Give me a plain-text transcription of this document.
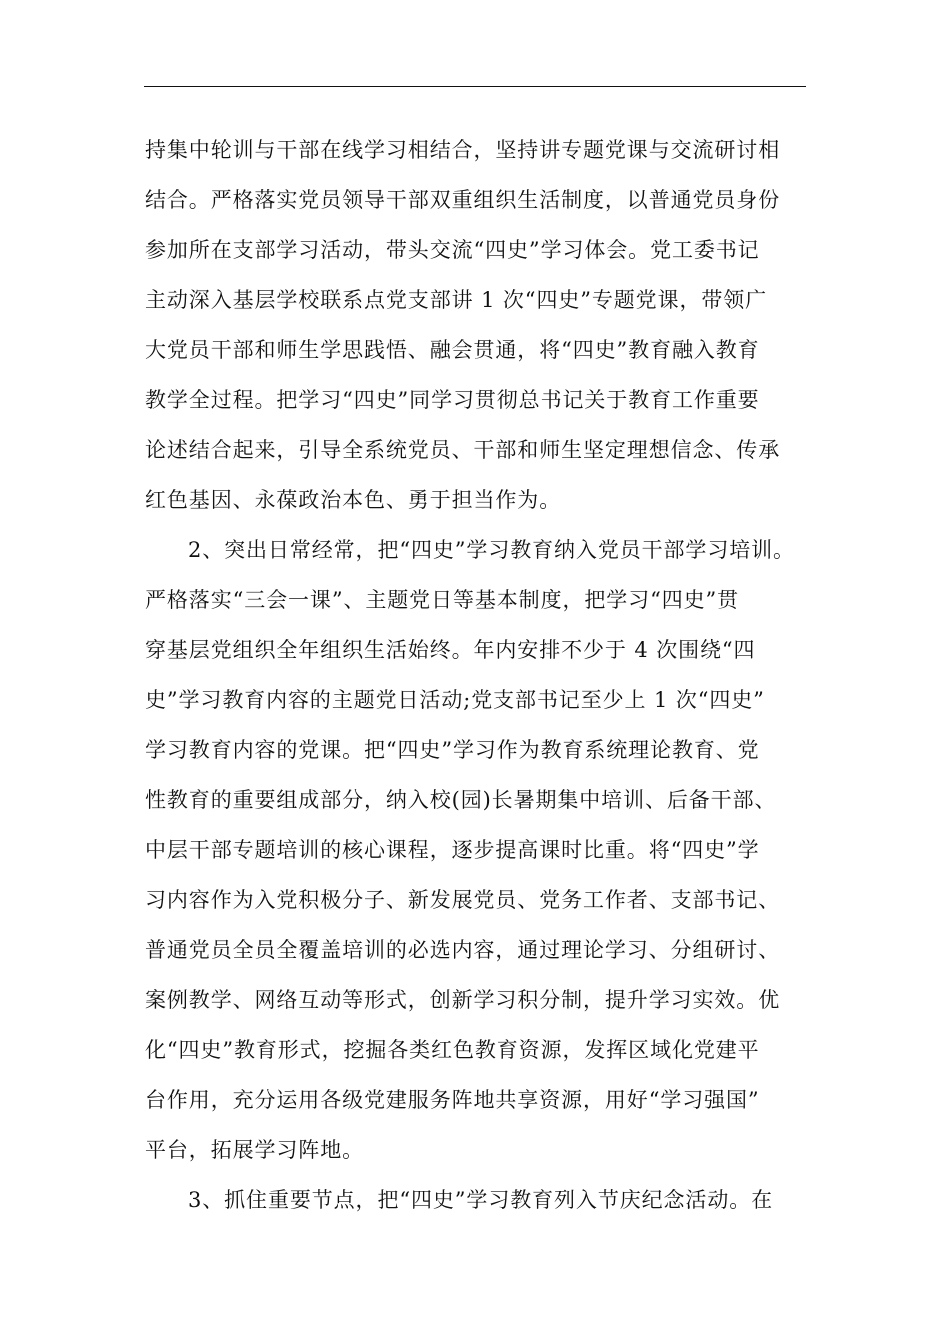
持集中轮训与干部在线学习相结合，坚持讲专题党课与交流研讨相
结合。严格落实党员领导干部双重组织生活制度，以普通党员身份
参加所在支部学习活动，带头交流“四史”学习体会。党工委书记
主动深入基层学校联系点党支部讲 1 次“四史”专题党课，带领广
大党员干部和师生学思践悟、融会贯通，将“四史”教育融入教育
教学全过程。把学习“四史”同学习贯彻总书记关于教育工作重要
论述结合起来，引导全系统党员、干部和师生坚定理想信念、传承
红色基因、永葆政治本色、勇于担当作为。
2、突出日常经常，把“四史”学习教育纳入党员干部学习培训。
严格落实“三会一课”、主题党日等基本制度，把学习“四史”贯
穿基层党组织全年组织生活始终。年内安排不少于 4 次围绕“四
史”学习教育内容的主题党日活动;党支部书记至少上 1 次“四史”
学习教育内容的党课。把“四史”学习作为教育系统理论教育、党
性教育的重要组成部分，纳入校(园)长暑期集中培训、后备干部、
中层干部专题培训的核心课程，逐步提高课时比重。将“四史”学
习内容作为入党积极分子、新发展党员、党务工作者、支部书记、
普通党员全员全覆盖培训的必选内容，通过理论学习、分组研讨、
案例教学、网络互动等形式，创新学习积分制，提升学习实效。优
化“四史”教育形式，挖掘各类红色教育资源，发挥区域化党建平
台作用，充分运用各级党建服务阵地共享资源，用好“学习强国”
平台，拓展学习阵地。
3、抓住重要节点，把“四史”学习教育列入节庆纪念活动。在
